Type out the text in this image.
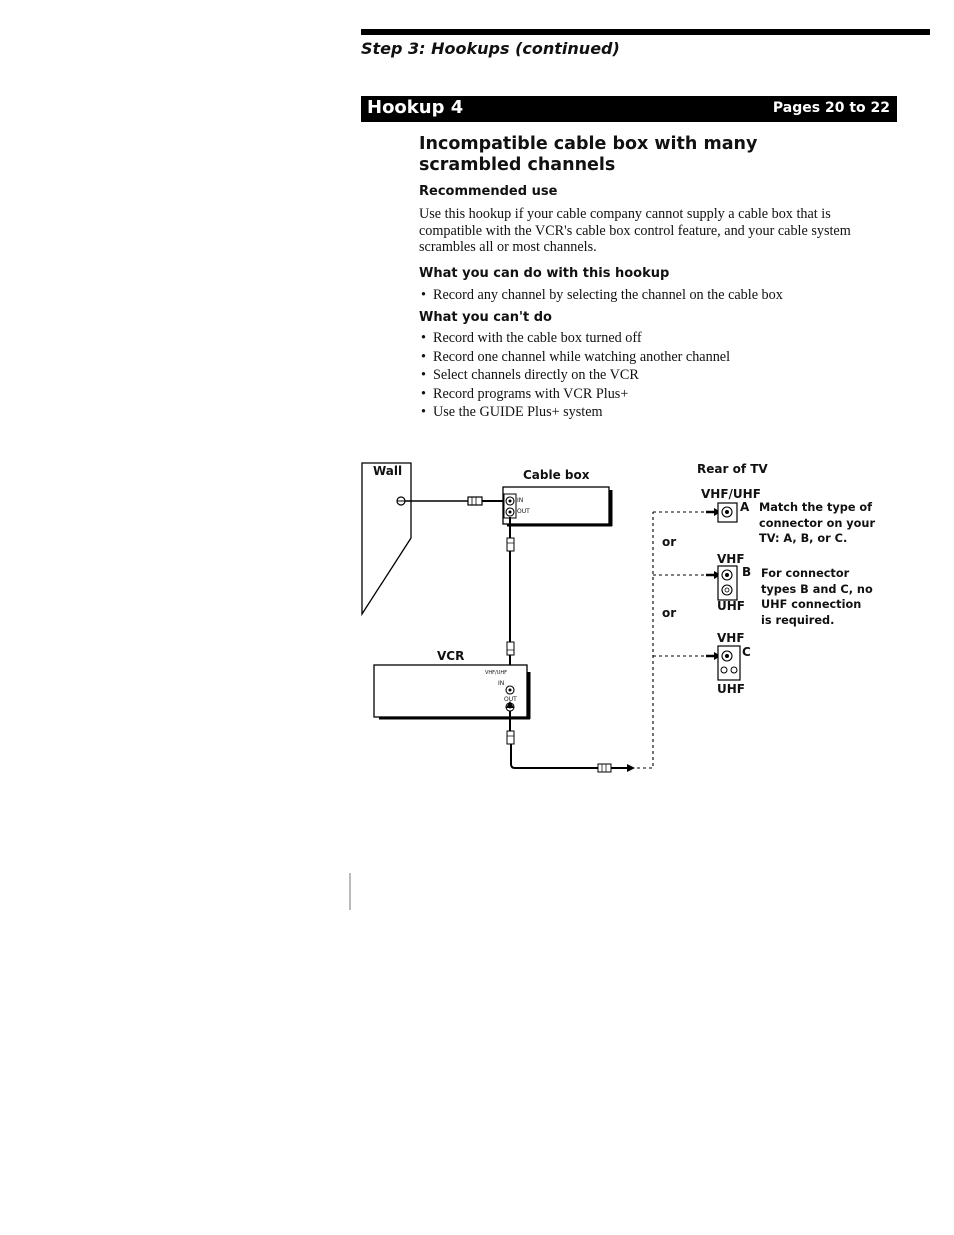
Step 3: Hookups (continued)
Hookup 4	Pages 20 to 22
Incompatible cable box with many scrambled channels
Recommended use
Use this hookup if your cable company cannot supply a cable box that is compatible with the VCR's cable box control feature, and your cable system scrambles all or most channels.
What you can do with this hookup
• Record any channel by selecting the channel on the cable box
What you can't do
• Record with the cable box turned off
• Record one channel while watching another channel
• Select channels directly on the VCR
• Record programs with VCR Plus+
• Use the GUIDE Plus+ system
Wall	Cable box
IN
OUT
VCR
VHF/UHF
IN
OUT
Rear of TV
VHF/UHF
A Match the type of
connector on your
TV: A, B, or C.
or
VHF
B
UHF
For connector
types B and C, no
UHF connection
is required.
or
VHF
C
UHF
